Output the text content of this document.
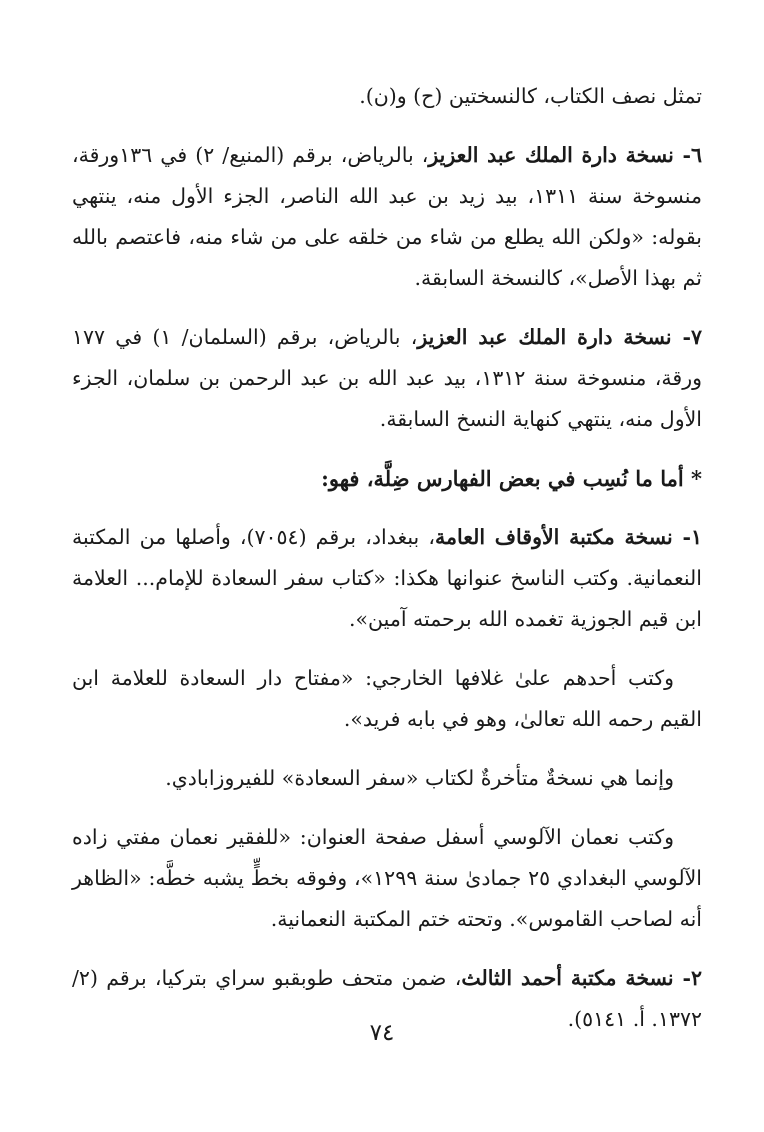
تمثل نصف الكتاب، كالنسختين (ح) و(ن).

٦- نسخة دارة الملك عبد العزيز، بالرياض، برقم (المنيع/ ٢) في ١٣٦ورقة، منسوخة سنة ١٣١١، بيد زيد بن عبد الله الناصر، الجزء الأول منه، ينتهي بقوله: «ولكن الله يطلع من شاء من خلقه على من شاء منه، فاعتصم بالله ثم بهذا الأصل»، كالنسخة السابقة.

٧- نسخة دارة الملك عبد العزيز، بالرياض، برقم (السلمان/ ١) في ١٧٧ ورقة، منسوخة سنة ١٣١٢، بيد عبد الله بن عبد الرحمن بن سلمان، الجزء الأول منه، ينتهي كنهاية النسخ السابقة.

* أما ما نُسِب في بعض الفهارس ضِلَّة، فهو:

١- نسخة مكتبة الأوقاف العامة، ببغداد، برقم (٧٠٥٤)، وأصلها من المكتبة النعمانية. وكتب الناسخ عنوانها هكذا: «كتاب سفر السعادة للإمام... العلامة ابن قيم الجوزية تغمده الله برحمته آمين».

وكتب أحدهم علىٰ غلافها الخارجي: «مفتاح دار السعادة للعلامة ابن القيم رحمه الله تعالىٰ، وهو في بابه فريد».

وإنما هي نسخةٌ متأخرةٌ لكتاب «سفر السعادة» للفيروزابادي.

وكتب نعمان الآلوسي أسفل صفحة العنوان: «للفقير نعمان مفتي زاده الآلوسي البغدادي ٢٥ جمادىٰ سنة ١٢٩٩»، وفوقه بخطٍّ يشبه خطَّه: «الظاهر أنه لصاحب القاموس». وتحته ختم المكتبة النعمانية.

٢- نسخة مكتبة أحمد الثالث، ضمن متحف طوبقبو سراي بتركيا، برقم (٢/ ١٣٧٢. أ. ٥١٤١).

٧٤
